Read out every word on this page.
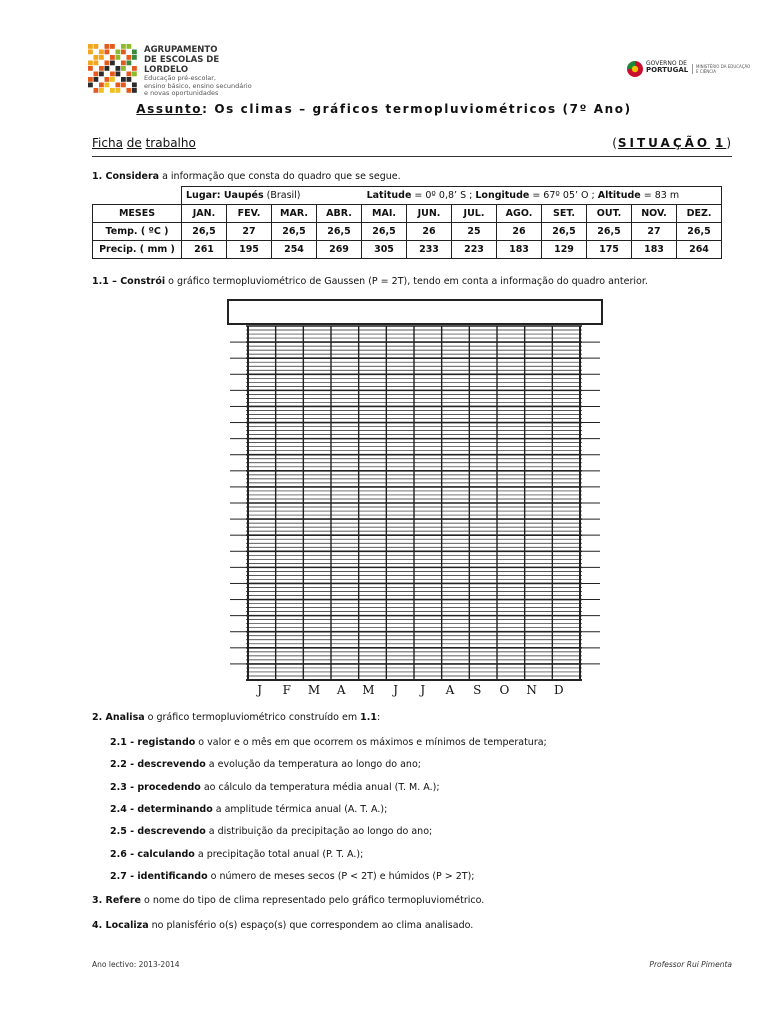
AGRUPAMENTO
DE ESCOLAS DE
LORDELO
Educação pré-escolar,
ensino básico, ensino secundário
e novas oportunidades
GOVERNO DE
PORTUGAL MINISTÉRIO DA EDUCAÇÃO
E CIÊNCIA
Assunto: Os climas – gráficos termopluviométricos (7º Ano)
Ficha de trabalho	(SITUAÇÃO 1)
1. Considera a informação que consta do quadro que se segue.
	Lugar: Uaupés (Brasil) Latitude = 0º 0,8’ S ; Longitude = 67º 05’ O ; Altitude = 83 m											
MESES	JAN.	FEV.	MAR.	ABR.	MAI.	JUN.	JUL.	AGO.	SET.	OUT.	NOV.	DEZ.
Temp. ( ºC )	26,5	27	26,5	26,5	26,5	26	25	26	26,5	26,5	27	26,5
Precip. ( mm )	261	195	254	269	305	233	223	183	129	175	183	264
1.1 – Constrói o gráfico termopluviométrico de Gaussen (P = 2T), tendo em conta a informação do quadro anterior.
J F M A M J J A S O N D
2. Analisa o gráfico termopluviométrico construído em 1.1:
2.1 - registando o valor e o mês em que ocorrem os máximos e mínimos de temperatura;
2.2 - descrevendo a evolução da temperatura ao longo do ano;
2.3 - procedendo ao cálculo da temperatura média anual (T. M. A.);
2.4 - determinando a amplitude térmica anual (A. T. A.);
2.5 - descrevendo a distribuição da precipitação ao longo do ano;
2.6 - calculando a precipitação total anual (P. T. A.);
2.7 - identificando o número de meses secos (P < 2T) e húmidos (P > 2T);
3. Refere o nome do tipo de clima representado pelo gráfico termopluviométrico.
4. Localiza no planisfério o(s) espaço(s) que correspondem ao clima analisado.
Ano lectivo: 2013-2014	Professor Rui Pimenta
